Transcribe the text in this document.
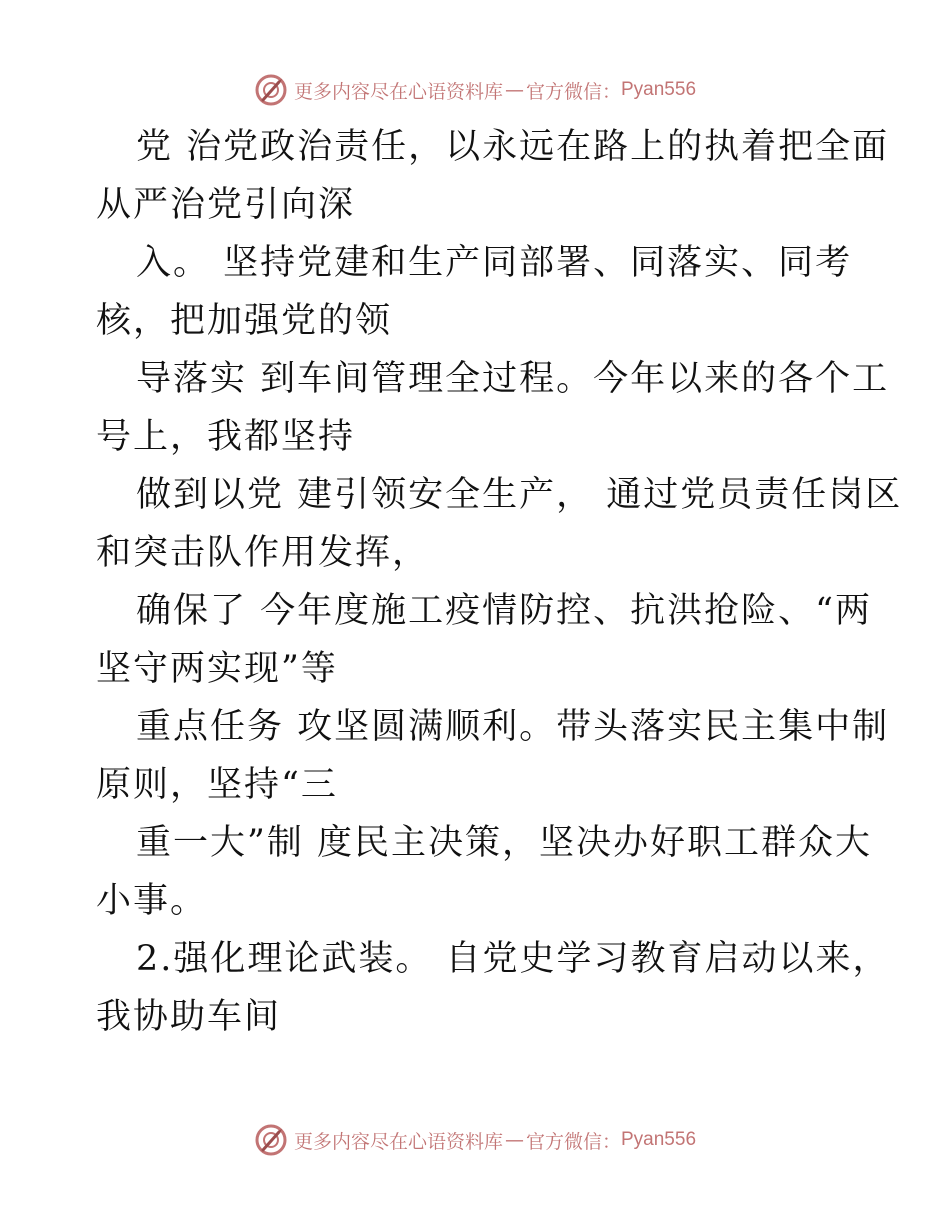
更多内容尽在心语资料库 — 官方微信： Pyan556
党 治党政治责任，以永远在路上的执着把全面
从严治党引向深
入。 坚持党建和生产同部署、同落实、同考
核，把加强党的领
导落实 到车间管理全过程。今年以来的各个工
号上，我都坚持
做到以党 建引领安全生产， 通过党员责任岗区
和突击队作用发挥，
确保了 今年度施工疫情防控、抗洪抢险、“两
坚守两实现”等
重点任务 攻坚圆满顺利。带头落实民主集中制
原则，坚持“三
重一大”制 度民主决策，坚决办好职工群众大
小事。
2.强化理论武装。 自党史学习教育启动以来，
我协助车间
更多内容尽在心语资料库 — 官方微信： Pyan556
